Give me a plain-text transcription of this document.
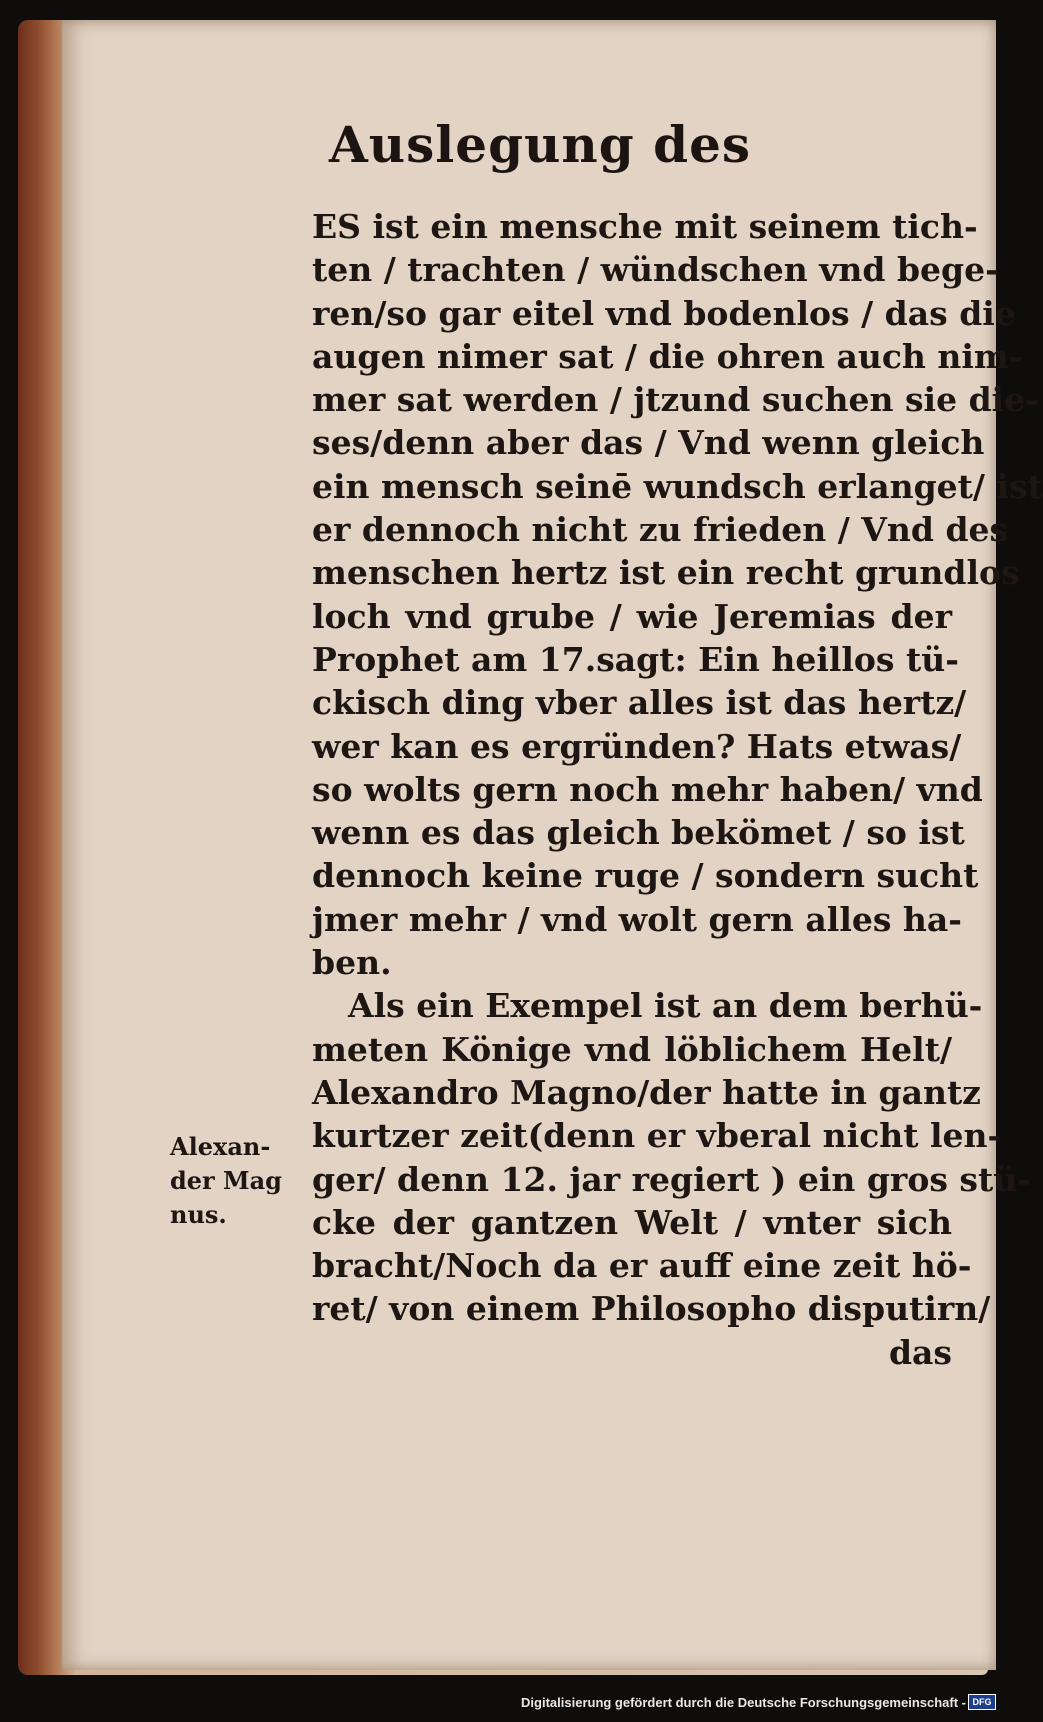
Auslegung des
ES ist ein mensche mit seinem tich-
ten / trachten / wündschen vnd bege-
ren/so gar eitel vnd bodenlos / das die
augen nimer sat / die ohren auch nim-
mer sat werden / jtzund suchen sie die-
ses/denn aber das / Vnd wenn gleich
ein mensch seinē wundsch erlanget/ ist
er dennoch nicht zu frieden / Vnd des
menschen hertz ist ein recht grundlos
loch vnd grube / wie Jeremias der
Prophet am 17.sagt: Ein heillos tü-
ckisch ding vber alles ist das hertz/
wer kan es ergründen? Hats etwas/
so wolts gern noch mehr haben/ vnd
wenn es das gleich bekömet / so ist
dennoch keine ruge / sondern sucht
jmer mehr / vnd wolt gern alles ha-
ben.
Als ein Exempel ist an dem berhü-
meten Könige vnd löblichem Helt/
Alexandro Magno/der hatte in gantz
kurtzer zeit(denn er vberal nicht len-
ger/ denn 12. jar regiert ) ein gros stü-
cke der gantzen Welt / vnter sich
bracht/Noch da er auff eine zeit hö-
ret/ von einem Philosopho disputirn/
das
Alexan-
der Mag
nus.
Digitalisierung gefördert durch die Deutsche Forschungsgemeinschaft - DFG
